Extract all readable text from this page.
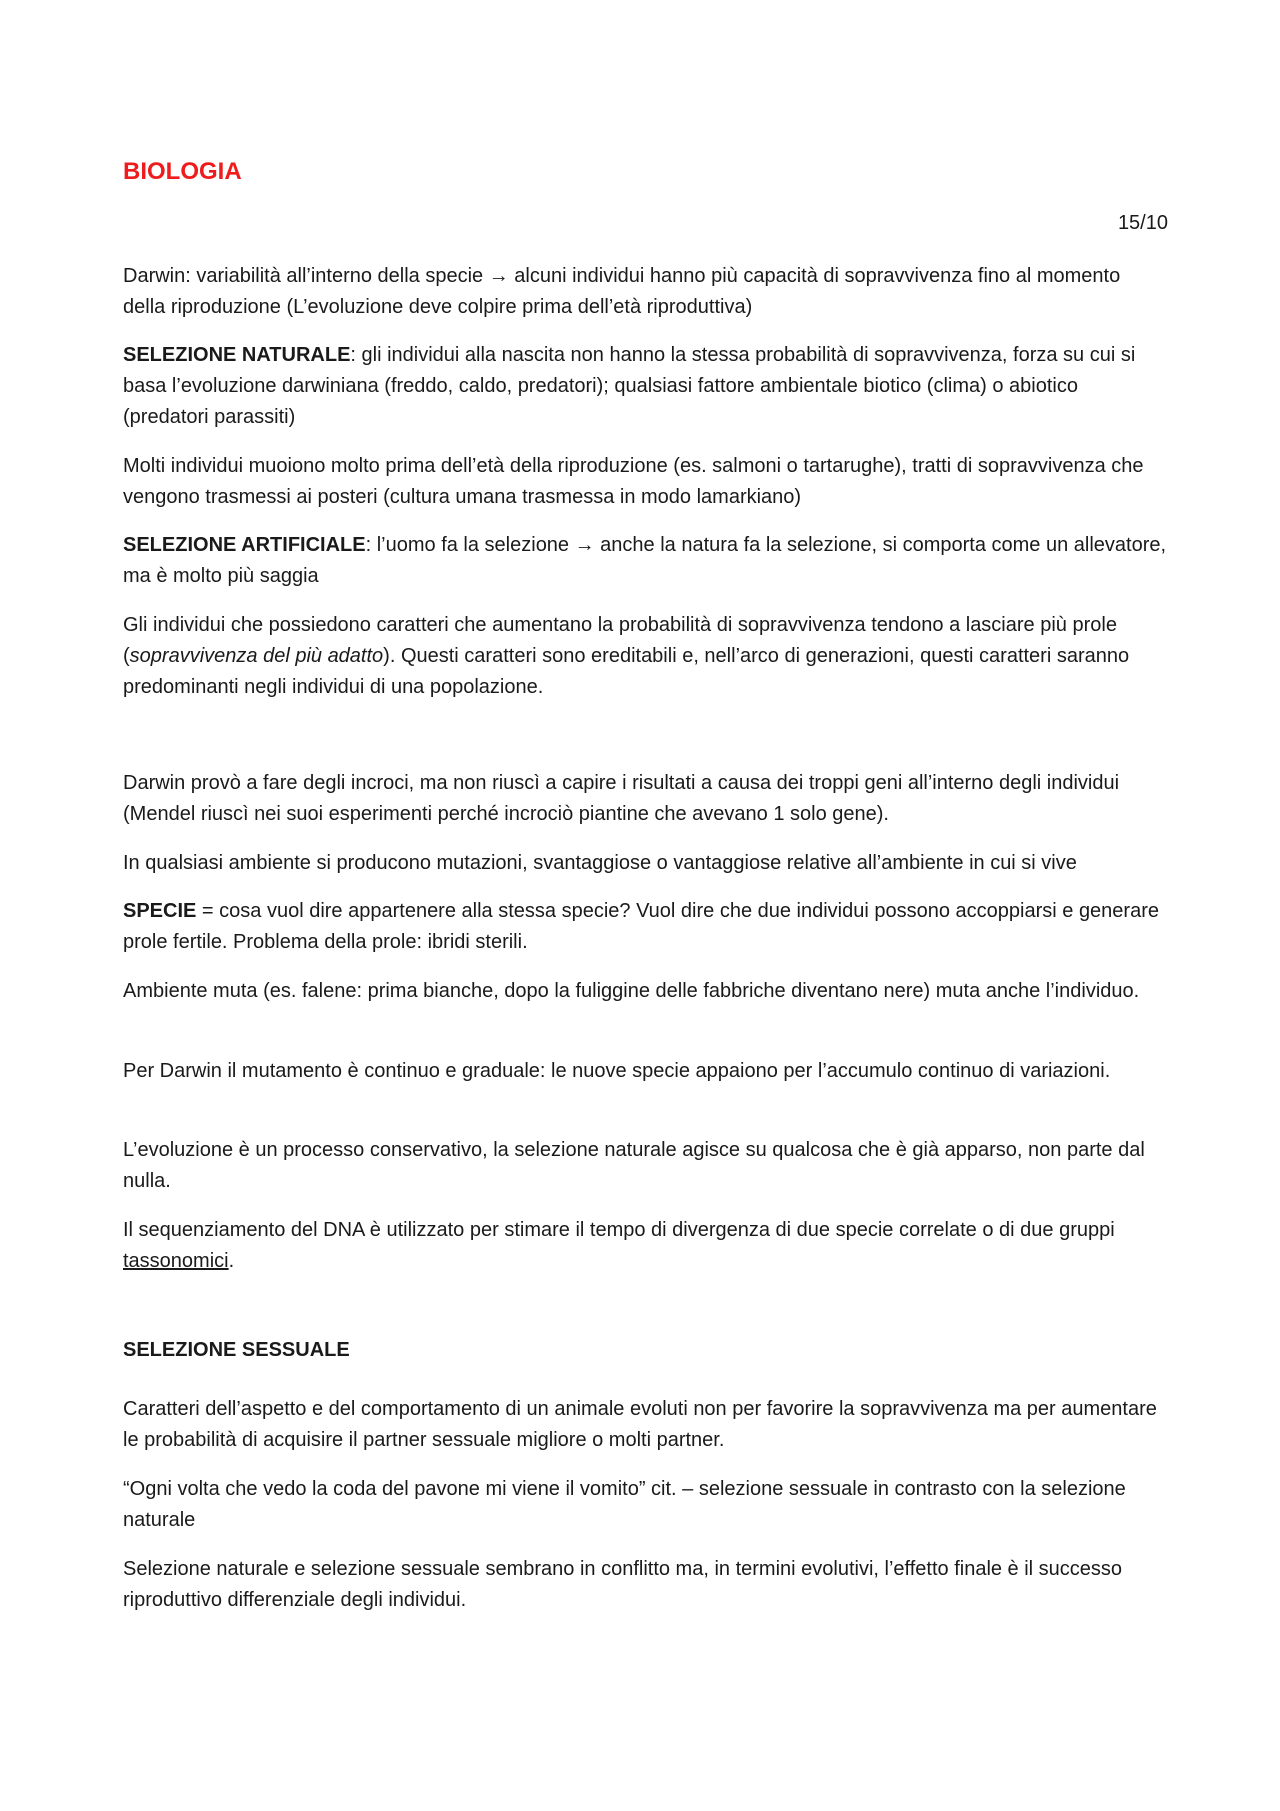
BIOLOGIA

15/10

Darwin: variabilità all’interno della specie → alcuni individui hanno più capacità di sopravvivenza fino al momento della riproduzione (L’evoluzione deve colpire prima dell’età riproduttiva)

SELEZIONE NATURALE: gli individui alla nascita non hanno la stessa probabilità di sopravvivenza, forza su cui si basa l’evoluzione darwiniana (freddo, caldo, predatori); qualsiasi fattore ambientale biotico (clima) o abiotico (predatori parassiti)

Molti individui muoiono molto prima dell’età della riproduzione (es. salmoni o tartarughe), tratti di sopravvivenza che vengono trasmessi ai posteri (cultura umana trasmessa in modo lamarkiano)

SELEZIONE ARTIFICIALE: l’uomo fa la selezione → anche la natura fa la selezione, si comporta come un allevatore, ma è molto più saggia

Gli individui che possiedono caratteri che aumentano la probabilità di sopravvivenza tendono a lasciare più prole (sopravvivenza del più adatto). Questi caratteri sono ereditabili e, nell’arco di generazioni, questi caratteri saranno predominanti negli individui di una popolazione.

Darwin provò a fare degli incroci, ma non riuscì a capire i risultati a causa dei troppi geni all’interno degli individui (Mendel riuscì nei suoi esperimenti perché incrociò piantine che avevano 1 solo gene).

In qualsiasi ambiente si producono mutazioni, svantaggiose o vantaggiose relative all’ambiente in cui si vive

SPECIE = cosa vuol dire appartenere alla stessa specie? Vuol dire che due individui possono accoppiarsi e generare prole fertile. Problema della prole: ibridi sterili.

Ambiente muta (es. falene: prima bianche, dopo la fuliggine delle fabbriche diventano nere) muta anche l’individuo.

Per Darwin il mutamento è continuo e graduale: le nuove specie appaiono per l’accumulo continuo di variazioni.

L’evoluzione è un processo conservativo, la selezione naturale agisce su qualcosa che è già apparso, non parte dal nulla.

Il sequenziamento del DNA è utilizzato per stimare il tempo di divergenza di due specie correlate o di due gruppi tassonomici.

SELEZIONE SESSUALE

Caratteri dell’aspetto e del comportamento di un animale evoluti non per favorire la sopravvivenza ma per aumentare le probabilità di acquisire il partner sessuale migliore o molti partner.

“Ogni volta che vedo la coda del pavone mi viene il vomito” cit. – selezione sessuale in contrasto con la selezione naturale

Selezione naturale e selezione sessuale sembrano in conflitto ma, in termini evolutivi, l’effetto finale è il successo riproduttivo differenziale degli individui.
